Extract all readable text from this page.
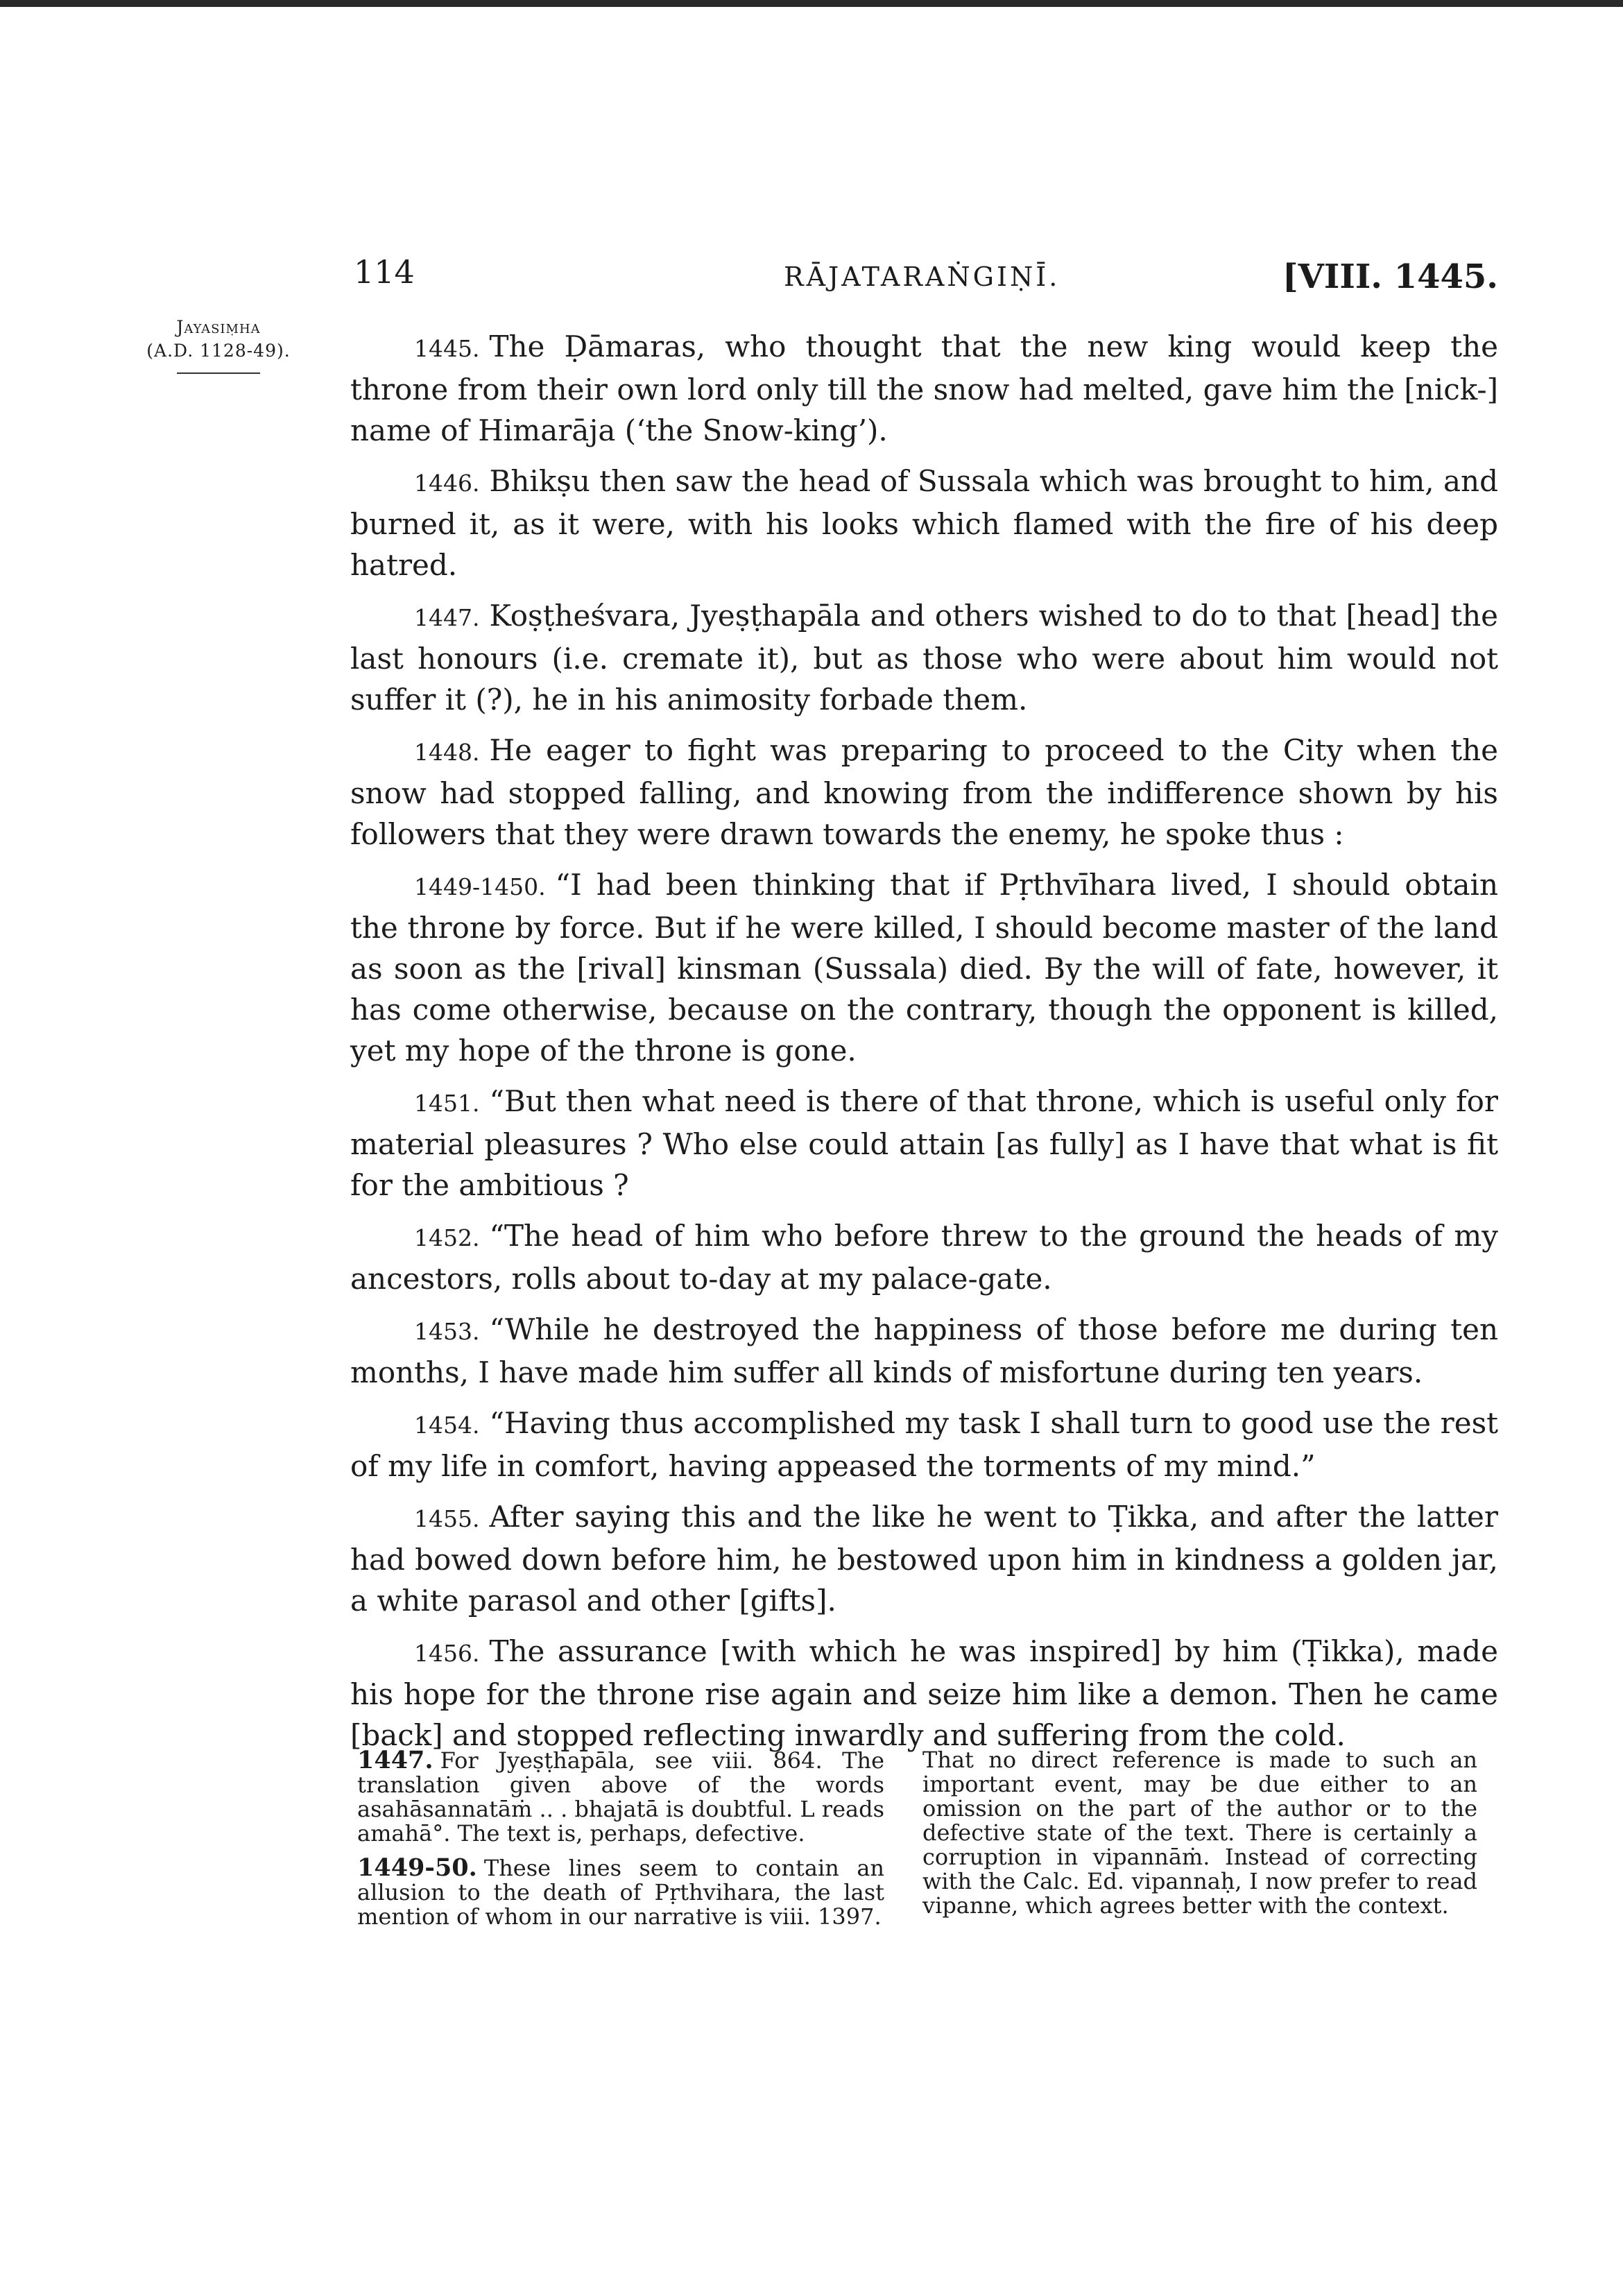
114	RĀJATARAṄGIṆĪ.	[VIII. 1445.
Jayasiṃha
(A.D. 1128-49).	1445. The Ḍāmaras, who thought that the new king would keep the throne from their own lord only till the snow had melted, gave him the [nick-] name of Himarāja (‘the Snow-king’).

1446. Bhikṣu then saw the head of Sussala which was brought to him, and burned it, as it were, with his looks which flamed with the fire of his deep hatred.

1447. Koṣṭheśvara, Jyeṣṭhapāla and others wished to do to that [head] the last honours (i.e. cremate it), but as those who were about him would not suffer it (?), he in his animosity forbade them.

1448. He eager to fight was preparing to proceed to the City when the snow had stopped falling, and knowing from the indifference shown by his followers that they were drawn towards the enemy, he spoke thus :

1449-1450. “I had been thinking that if Pṛthvīhara lived, I should obtain the throne by force. But if he were killed, I should become master of the land as soon as the [rival] kinsman (Sussala) died. By the will of fate, however, it has come otherwise, because on the contrary, though the opponent is killed, yet my hope of the throne is gone.

1451. “But then what need is there of that throne, which is useful only for material pleasures ? Who else could attain [as fully] as I have that what is fit for the ambitious ?

1452. “The head of him who before threw to the ground the heads of my ancestors, rolls about to-day at my palace-gate.

1453. “While he destroyed the happiness of those before me during ten months, I have made him suffer all kinds of misfortune during ten years.

1454. “Having thus accomplished my task I shall turn to good use the rest of my life in comfort, having appeased the torments of my mind.”

1455. After saying this and the like he went to Ṭikka, and after the latter had bowed down before him, he bestowed upon him in kindness a golden jar, a white parasol and other [gifts].

1456. The assurance [with which he was inspired] by him (Ṭikka), made his hope for the throne rise again and seize him like a demon. Then he came [back] and stopped reflecting inwardly and suffering from the cold.

1447. For Jyeṣṭhapāla, see viii. 864. The translation given above of the words asahāsannatāṁ .. . bhajatā is doubtful. L reads amahā°. The text is, perhaps, defective.

1449-50. These lines seem to contain an allusion to the death of Pṛthvihara, the last mention of whom in our narrative is viii. 1397.

That no direct reference is made to such an important event, may be due either to an omission on the part of the author or to the defective state of the text. There is certainly a corruption in vipannāṁ. Instead of correcting with the Calc. Ed. vipannaḥ, I now prefer to read vipanne, which agrees better with the context.
